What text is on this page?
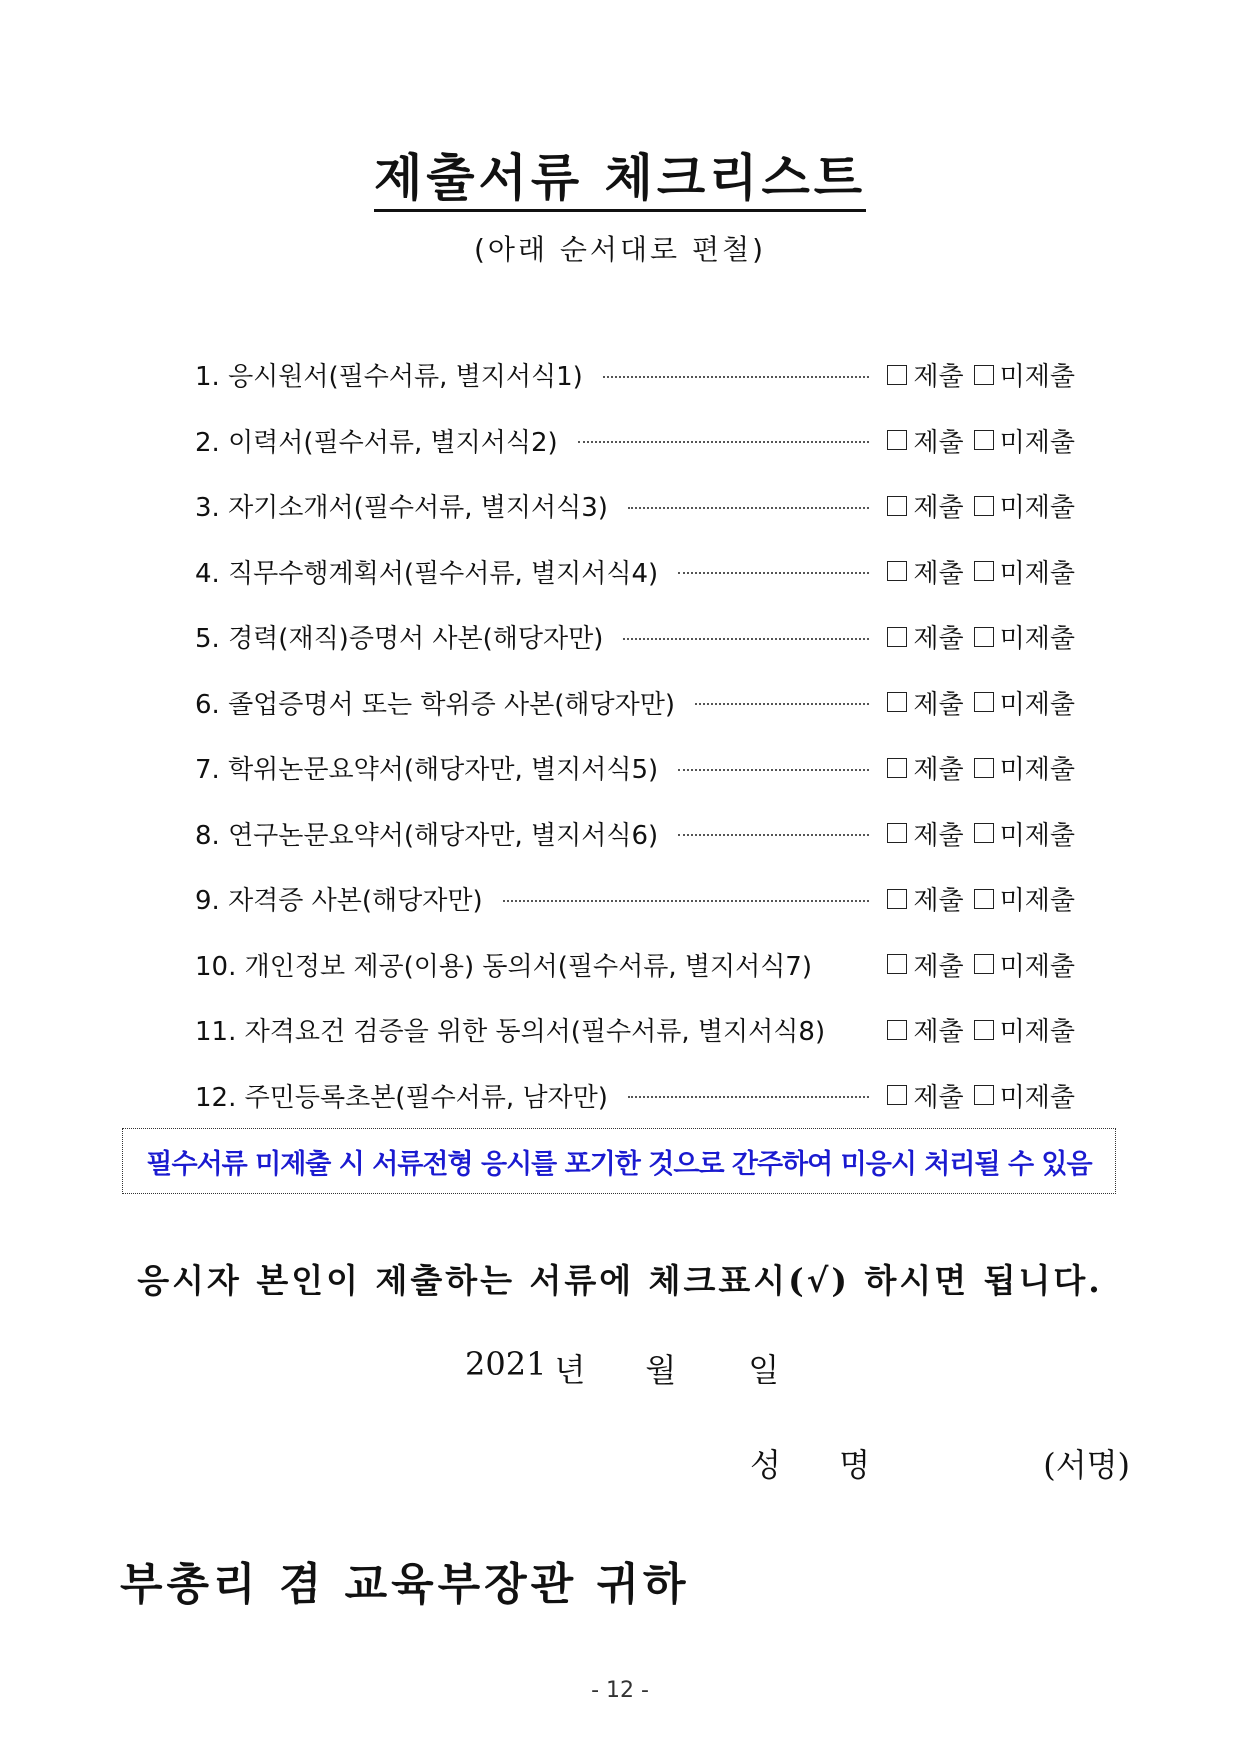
제출서류 체크리스트
(아래 순서대로 편철)
1. 응시원서(필수서류, 별지서식1)	제출 미제출
2. 이력서(필수서류, 별지서식2)	제출 미제출
3. 자기소개서(필수서류, 별지서식3)	제출 미제출
4. 직무수행계획서(필수서류, 별지서식4)	제출 미제출
5. 경력(재직)증명서 사본(해당자만)	제출 미제출
6. 졸업증명서 또는 학위증 사본(해당자만)	제출 미제출
7. 학위논문요약서(해당자만, 별지서식5)	제출 미제출
8. 연구논문요약서(해당자만, 별지서식6)	제출 미제출
9. 자격증 사본(해당자만)	제출 미제출
10. 개인정보 제공(이용) 동의서(필수서류, 별지서식7)	제출 미제출
11. 자격요건 검증을 위한 동의서(필수서류, 별지서식8)	제출 미제출
12. 주민등록초본(필수서류, 남자만)	제출 미제출
필수서류 미제출 시 서류전형 응시를 포기한 것으로 간주하여 미응시 처리될 수 있음
응시자 본인이 제출하는 서류에 체크표시(√) 하시면 됩니다.
2021 년 월 일
성 명	(서명)
부총리 겸 교육부장관 귀하
- 12 -
